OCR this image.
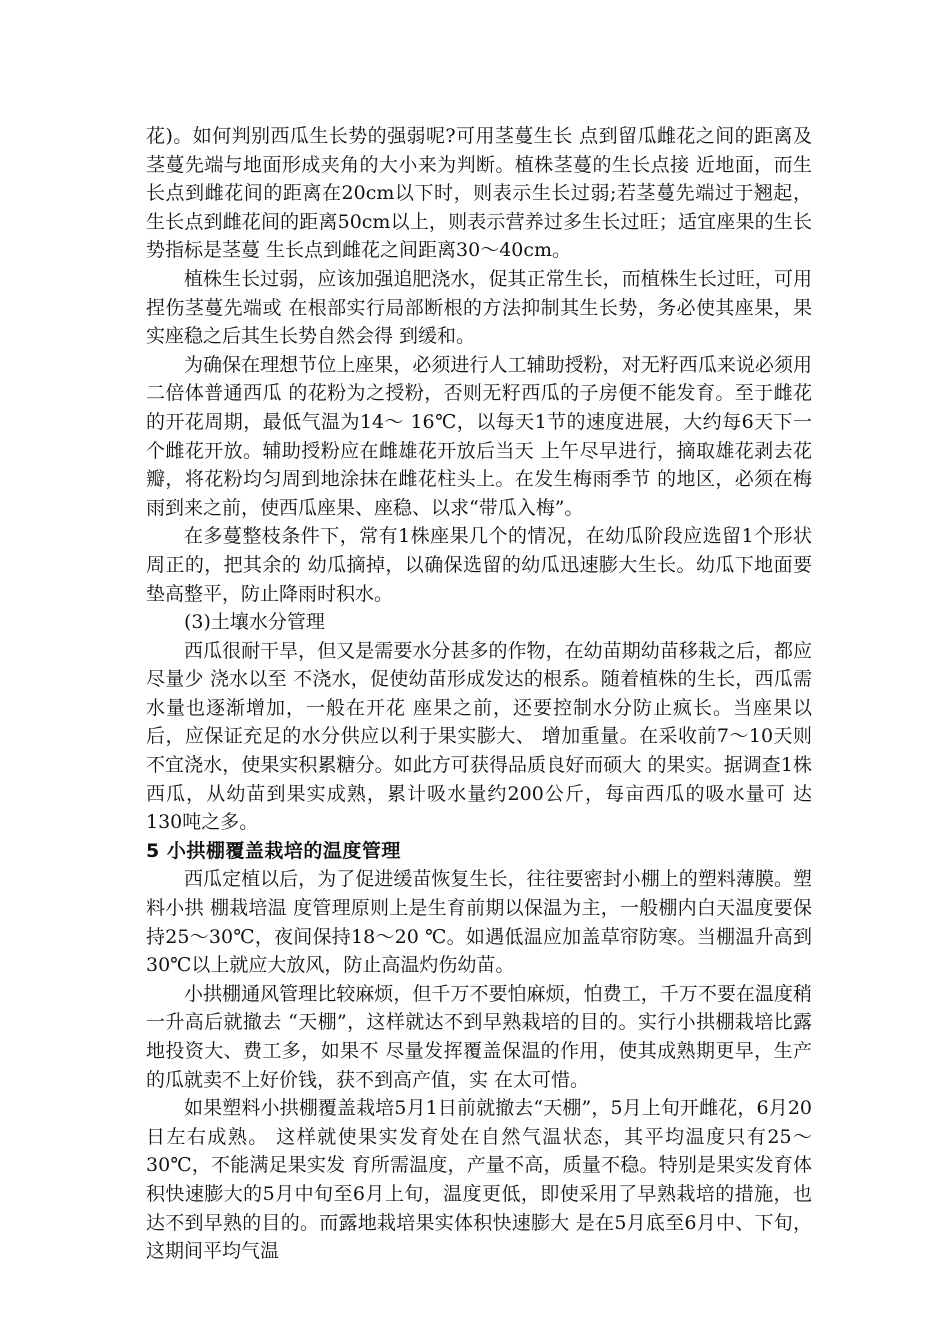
花)。如何判别西瓜生长势的强弱呢?可用茎蔓生长 点到留瓜雌花之间的距离及茎蔓先端与地面形成夹角的大小来为判断。植株茎蔓的生长点接 近地面，而生长点到雌花间的距离在20cm以下时，则表示生长过弱;若茎蔓先端过于翘起， 生长点到雌花间的距离50cm以上，则表示营养过多生长过旺；适宜座果的生长势指标是茎蔓 生长点到雌花之间距离30～40cm。

植株生长过弱，应该加强追肥浇水，促其正常生长，而植株生长过旺，可用捏伤茎蔓先端或 在根部实行局部断根的方法抑制其生长势，务必使其座果，果实座稳之后其生长势自然会得 到缓和。

为确保在理想节位上座果，必须进行人工辅助授粉，对无籽西瓜来说必须用二倍体普通西瓜 的花粉为之授粉，否则无籽西瓜的子房便不能发育。至于雌花的开花周期，最低气温为14～ 16℃，以每天1节的速度进展，大约每6天下一个雌花开放。辅助授粉应在雌雄花开放后当天 上午尽早进行，摘取雄花剥去花瓣，将花粉均匀周到地涂抹在雌花柱头上。在发生梅雨季节 的地区，必须在梅雨到来之前，使西瓜座果、座稳、以求“带瓜入梅”。

在多蔓整枝条件下，常有1株座果几个的情况，在幼瓜阶段应选留1个形状周正的，把其余的 幼瓜摘掉，以确保选留的幼瓜迅速膨大生长。幼瓜下地面要垫高整平，防止降雨时积水。

(3)土壤水分管理

西瓜很耐干旱，但又是需要水分甚多的作物，在幼苗期幼苗移栽之后，都应尽量少 浇水以至 不浇水，促使幼苗形成发达的根系。随着植株的生长，西瓜需水量也逐渐增加，一般在开花 座果之前，还要控制水分防止疯长。当座果以后，应保证充足的水分供应以利于果实膨大、 增加重量。在采收前7～10天则不宜浇水，使果实积累糖分。如此方可获得品质良好而硕大 的果实。据调查1株西瓜，从幼苗到果实成熟，累计吸水量约200公斤，每亩西瓜的吸水量可 达130吨之多。

5 小拱棚覆盖栽培的温度管理

西瓜定植以后，为了促进缓苗恢复生长，往往要密封小棚上的塑料薄膜。塑料小拱 棚栽培温 度管理原则上是生育前期以保温为主，一般棚内白天温度要保持25～30℃，夜间保持18～20 ℃。如遇低温应加盖草帘防寒。当棚温升高到30℃以上就应大放风，防止高温灼伤幼苗。

小拱棚通风管理比较麻烦，但千万不要怕麻烦，怕费工，千万不要在温度稍一升高后就撤去 “天棚”，这样就达不到早熟栽培的目的。实行小拱棚栽培比露地投资大、费工多，如果不 尽量发挥覆盖保温的作用，使其成熟期更早，生产的瓜就卖不上好价钱，获不到高产值，实 在太可惜。

如果塑料小拱棚覆盖栽培5月1日前就撤去“天棚”，5月上旬开雌花，6月20日左右成熟。 这样就使果实发育处在自然气温状态，其平均温度只有25～30℃，不能满足果实发 育所需温度，产量不高，质量不稳。特别是果实发育体积快速膨大的5月中旬至6月上旬，温度更低，即使采用了早熟栽培的措施，也达不到早熟的目的。而露地栽培果实体积快速膨大 是在5月底至6月中、下旬，这期间平均气温
